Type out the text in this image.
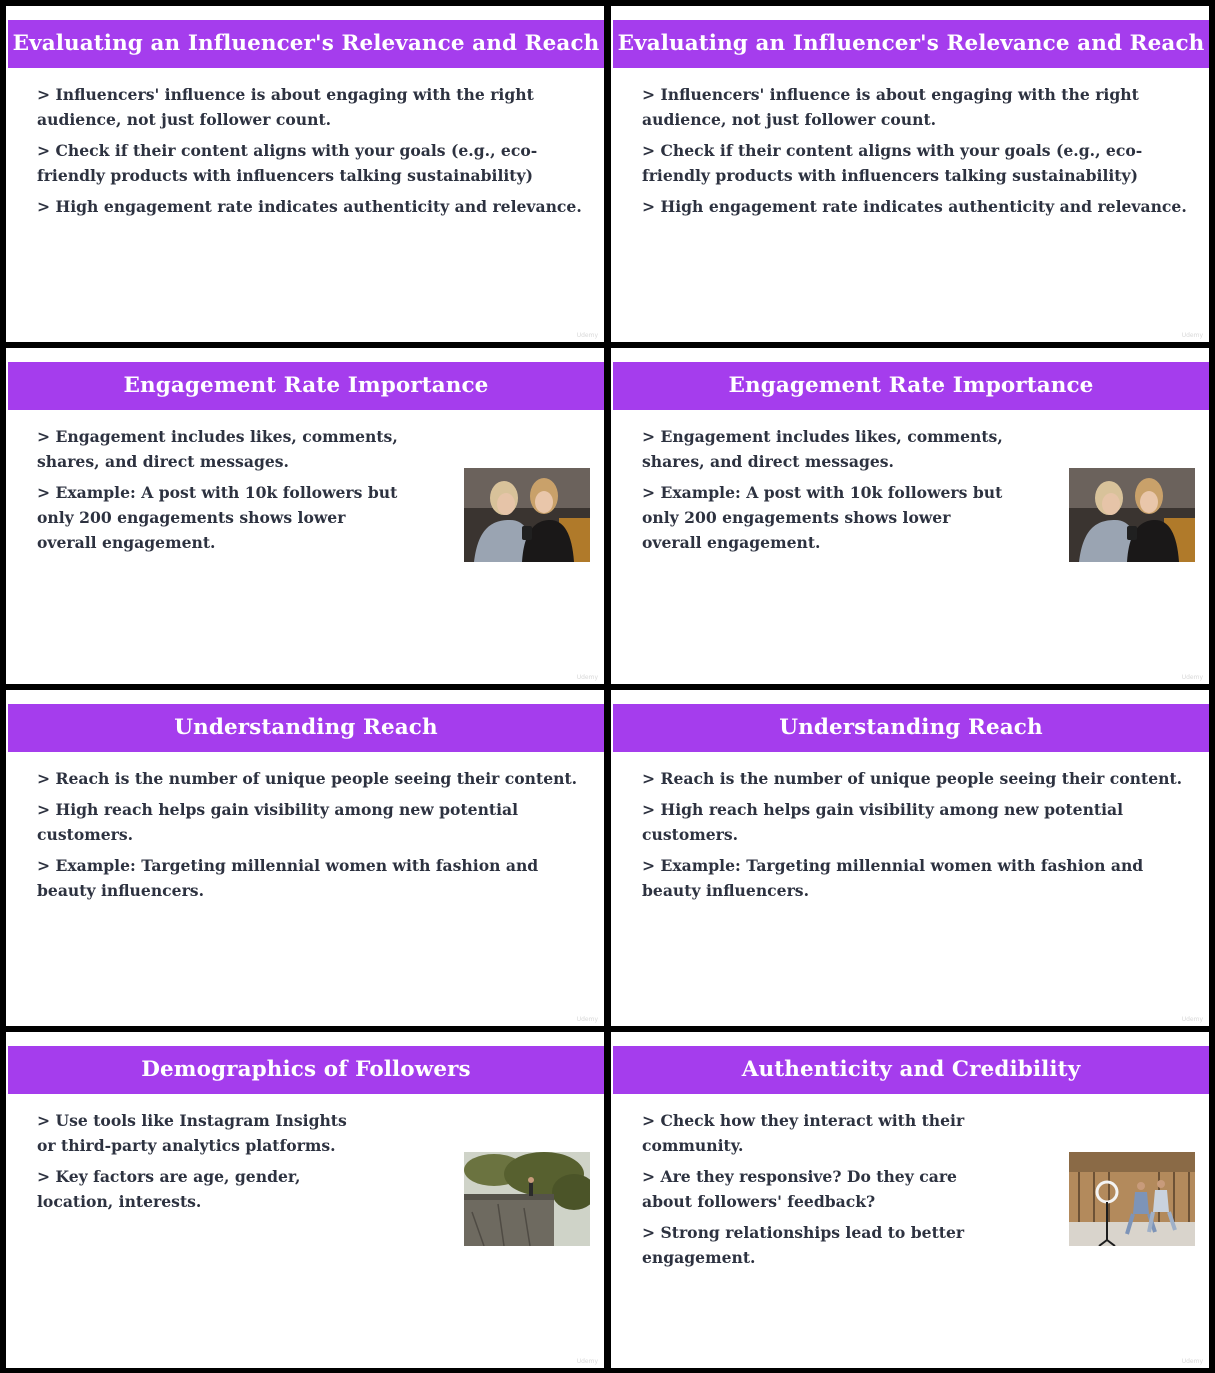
Evaluating an Influencer's Relevance and Reach
> Influencers' influence is about engaging with the right audience, not just follower count.
> Check if their content aligns with your goals (e.g., eco-friendly products with influencers talking sustainability)
> High engagement rate indicates authenticity and relevance.
Udemy
Evaluating an Influencer's Relevance and Reach
> Influencers' influence is about engaging with the right audience, not just follower count.
> Check if their content aligns with your goals (e.g., eco-friendly products with influencers talking sustainability)
> High engagement rate indicates authenticity and relevance.
Udemy
Engagement Rate Importance
> Engagement includes likes, comments, shares, and direct messages.
> Example: A post with 10k followers but only 200 engagements shows lower overall engagement.
Udemy
Engagement Rate Importance
> Engagement includes likes, comments, shares, and direct messages.
> Example: A post with 10k followers but only 200 engagements shows lower overall engagement.
Udemy
Understanding Reach
> Reach is the number of unique people seeing their content.
> High reach helps gain visibility among new potential customers.
> Example: Targeting millennial women with fashion and beauty influencers.
Udemy
Understanding Reach
> Reach is the number of unique people seeing their content.
> High reach helps gain visibility among new potential customers.
> Example: Targeting millennial women with fashion and beauty influencers.
Udemy
Demographics of Followers
> Use tools like Instagram Insights or third-party analytics platforms.
> Key factors are age, gender, location, interests.
Udemy
Authenticity and Credibility
> Check how they interact with their community.
> Are they responsive? Do they care about followers' feedback?
> Strong relationships lead to better engagement.
Udemy
